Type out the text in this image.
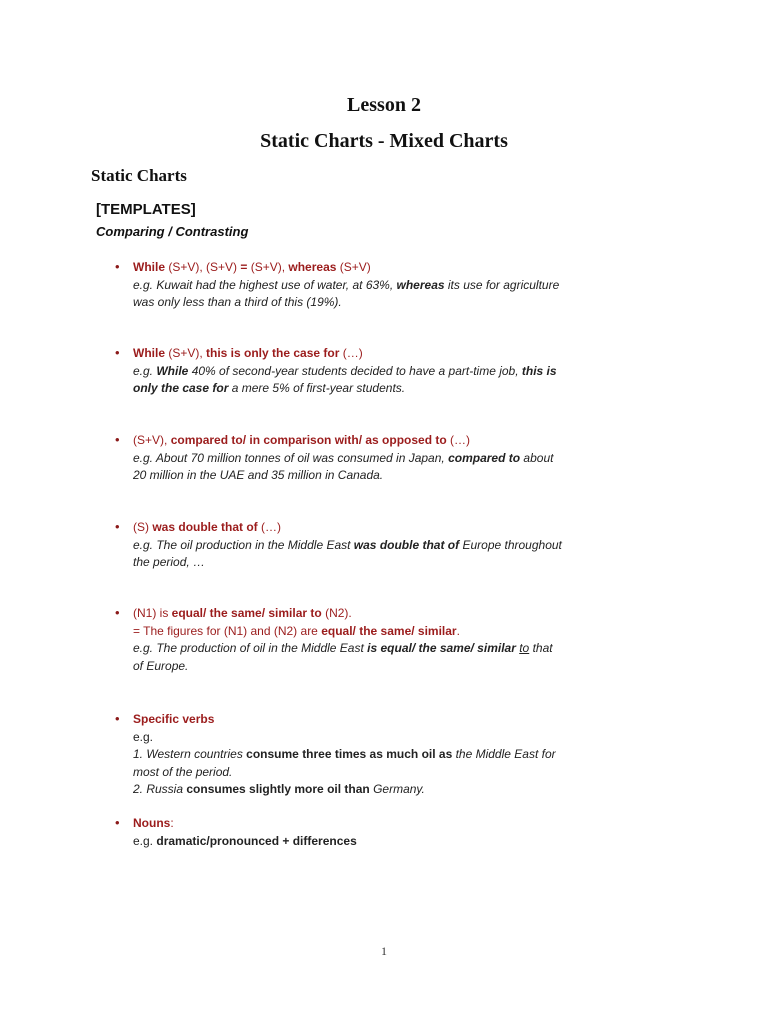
Lesson 2
Static Charts - Mixed Charts
Static Charts
[TEMPLATES]
Comparing / Contrasting
• While (S+V), (S+V) = (S+V), whereas (S+V)
e.g. Kuwait had the highest use of water, at 63%, whereas its use for agriculture
was only less than a third of this (19%).
• While (S+V), this is only the case for (…)
e.g. While 40% of second-year students decided to have a part-time job, this is
only the case for a mere 5% of first-year students.
• (S+V), compared to/ in comparison with/ as opposed to (…)
e.g. About 70 million tonnes of oil was consumed in Japan, compared to about
20 million in the UAE and 35 million in Canada.
• (S) was double that of (…)
e.g. The oil production in the Middle East was double that of Europe throughout
the period, …
• (N1) is equal/ the same/ similar to (N2).
= The figures for (N1) and (N2) are equal/ the same/ similar.
e.g. The production of oil in the Middle East is equal/ the same/ similar to that
of Europe.
• Specific verbs
e.g.
1. Western countries consume three times as much oil as the Middle East for
most of the period.
2. Russia consumes slightly more oil than Germany.
• Nouns:
e.g. dramatic/pronounced + differences
1
